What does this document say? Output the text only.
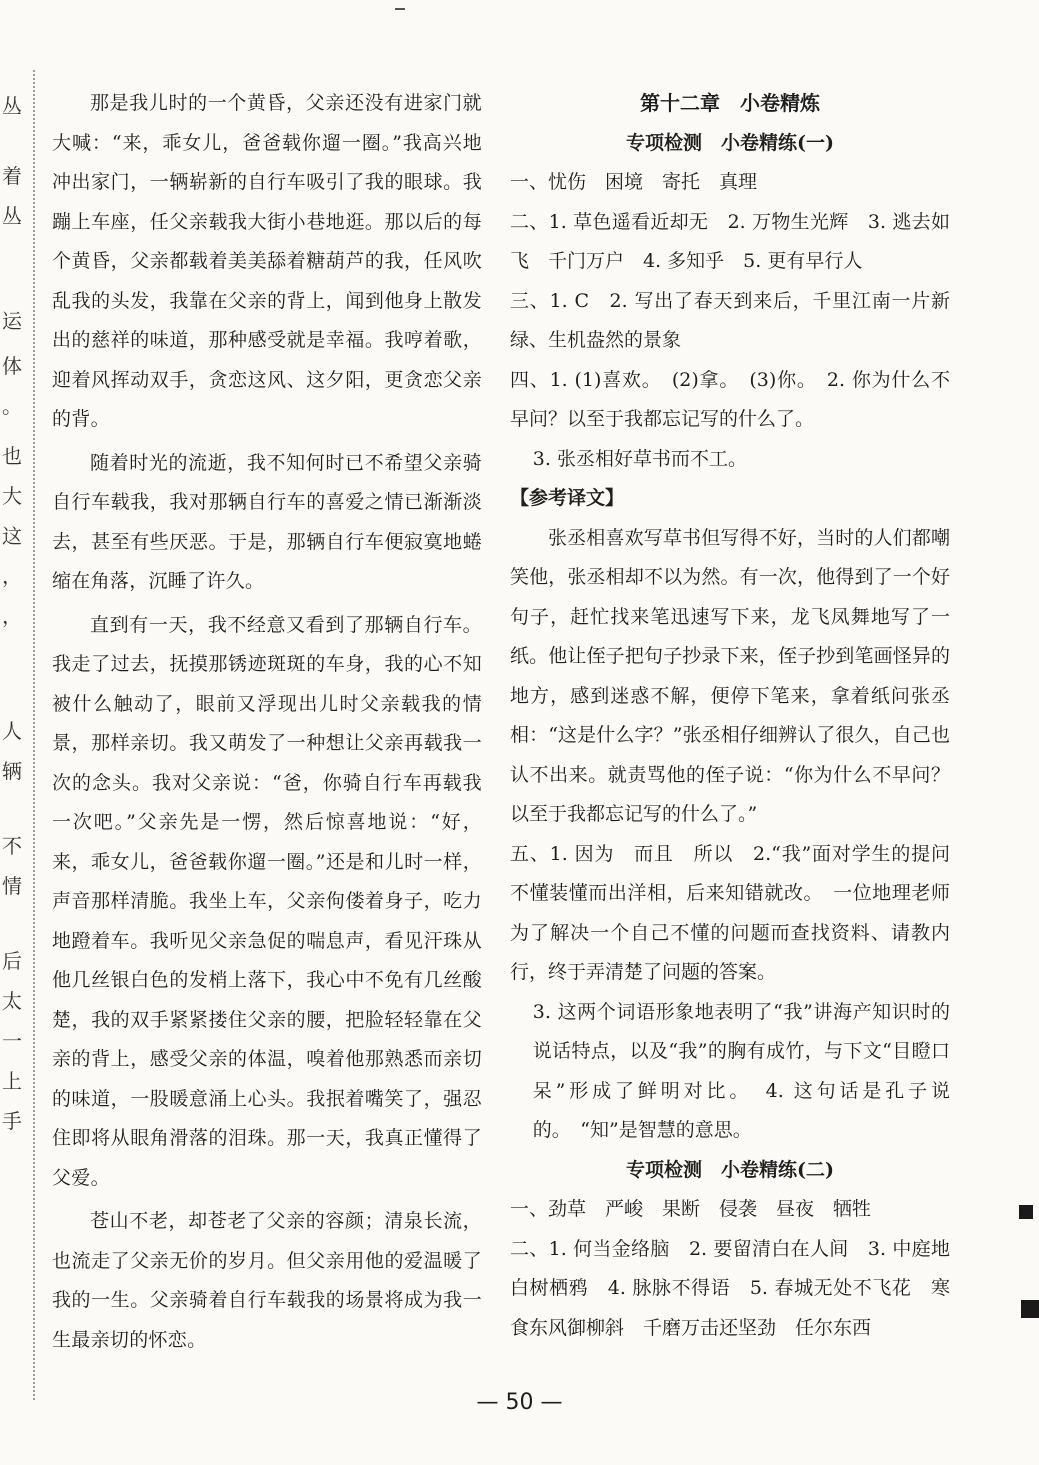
丛
着
丛
运
体
。
也
大
这
，
，
人
辆
不
情
后
太
一
上
手

那是我儿时的一个黄昏，父亲还没有进家门就大喊：“来，乖女儿，爸爸载你遛一圈。”我高兴地冲出家门，一辆崭新的自行车吸引了我的眼球。我蹦上车座，任父亲载我大街小巷地逛。那以后的每个黄昏，父亲都载着美美舔着糖葫芦的我，任风吹乱我的头发，我靠在父亲的背上，闻到他身上散发出的慈祥的味道，那种感受就是幸福。我哼着歌，迎着风挥动双手，贪恋这风、这夕阳，更贪恋父亲的背。

随着时光的流逝，我不知何时已不希望父亲骑自行车载我，我对那辆自行车的喜爱之情已渐渐淡去，甚至有些厌恶。于是，那辆自行车便寂寞地蜷缩在角落，沉睡了许久。

直到有一天，我不经意又看到了那辆自行车。我走了过去，抚摸那锈迹斑斑的车身，我的心不知被什么触动了，眼前又浮现出儿时父亲载我的情景，那样亲切。我又萌发了一种想让父亲再载我一次的念头。我对父亲说：“爸，你骑自行车再载我一次吧。”父亲先是一愣，然后惊喜地说：“好，来，乖女儿，爸爸载你遛一圈。”还是和儿时一样，声音那样清脆。我坐上车，父亲佝偻着身子，吃力地蹬着车。我听见父亲急促的喘息声，看见汗珠从他几丝银白色的发梢上落下，我心中不免有几丝酸楚，我的双手紧紧搂住父亲的腰，把脸轻轻靠在父亲的背上，感受父亲的体温，嗅着他那熟悉而亲切的味道，一股暖意涌上心头。我抿着嘴笑了，强忍住即将从眼角滑落的泪珠。那一天，我真正懂得了父爱。

苍山不老，却苍老了父亲的容颜；清泉长流，也流走了父亲无价的岁月。但父亲用他的爱温暖了我的一生。父亲骑着自行车载我的场景将成为我一生最亲切的怀恋。

第十二章　小卷精炼

专项检测　小卷精练(一)

一、忧伤　困境　寄托　真理

二、1. 草色遥看近却无　2. 万物生光辉　3. 逃去如飞　千门万户　4. 多知乎　5. 更有早行人

三、1. C　2. 写出了春天到来后，千里江南一片新绿、生机盎然的景象

四、1. (1)喜欢。　(2)拿。　(3)你。　2. 你为什么不早问？以至于我都忘记写的什么了。

3. 张丞相好草书而不工。

【参考译文】

张丞相喜欢写草书但写得不好，当时的人们都嘲笑他，张丞相却不以为然。有一次，他得到了一个好句子，赶忙找来笔迅速写下来，龙飞凤舞地写了一纸。他让侄子把句子抄录下来，侄子抄到笔画怪异的地方，感到迷惑不解，便停下笔来，拿着纸问张丞相：“这是什么字？”张丞相仔细辨认了很久，自己也认不出来。就责骂他的侄子说：“你为什么不早问？以至于我都忘记写的什么了。”

五、1. 因为　而且　所以　2.“我”面对学生的提问不懂装懂而出洋相，后来知错就改。　一位地理老师为了解决一个自己不懂的问题而查找资料、请教内行，终于弄清楚了问题的答案。

3. 这两个词语形象地表明了“我”讲海产知识时的说话特点，以及“我”的胸有成竹，与下文“目瞪口呆”形成了鲜明对比。　4. 这句话是孔子说的。　“知”是智慧的意思。

专项检测　小卷精练(二)

一、劲草　严峻　果断　侵袭　昼夜　牺牲

二、1. 何当金络脑　2. 要留清白在人间　3. 中庭地白树栖鸦　4. 脉脉不得语　5. 春城无处不飞花　寒食东风御柳斜　千磨万击还坚劲　任尔东西

— 50 —
